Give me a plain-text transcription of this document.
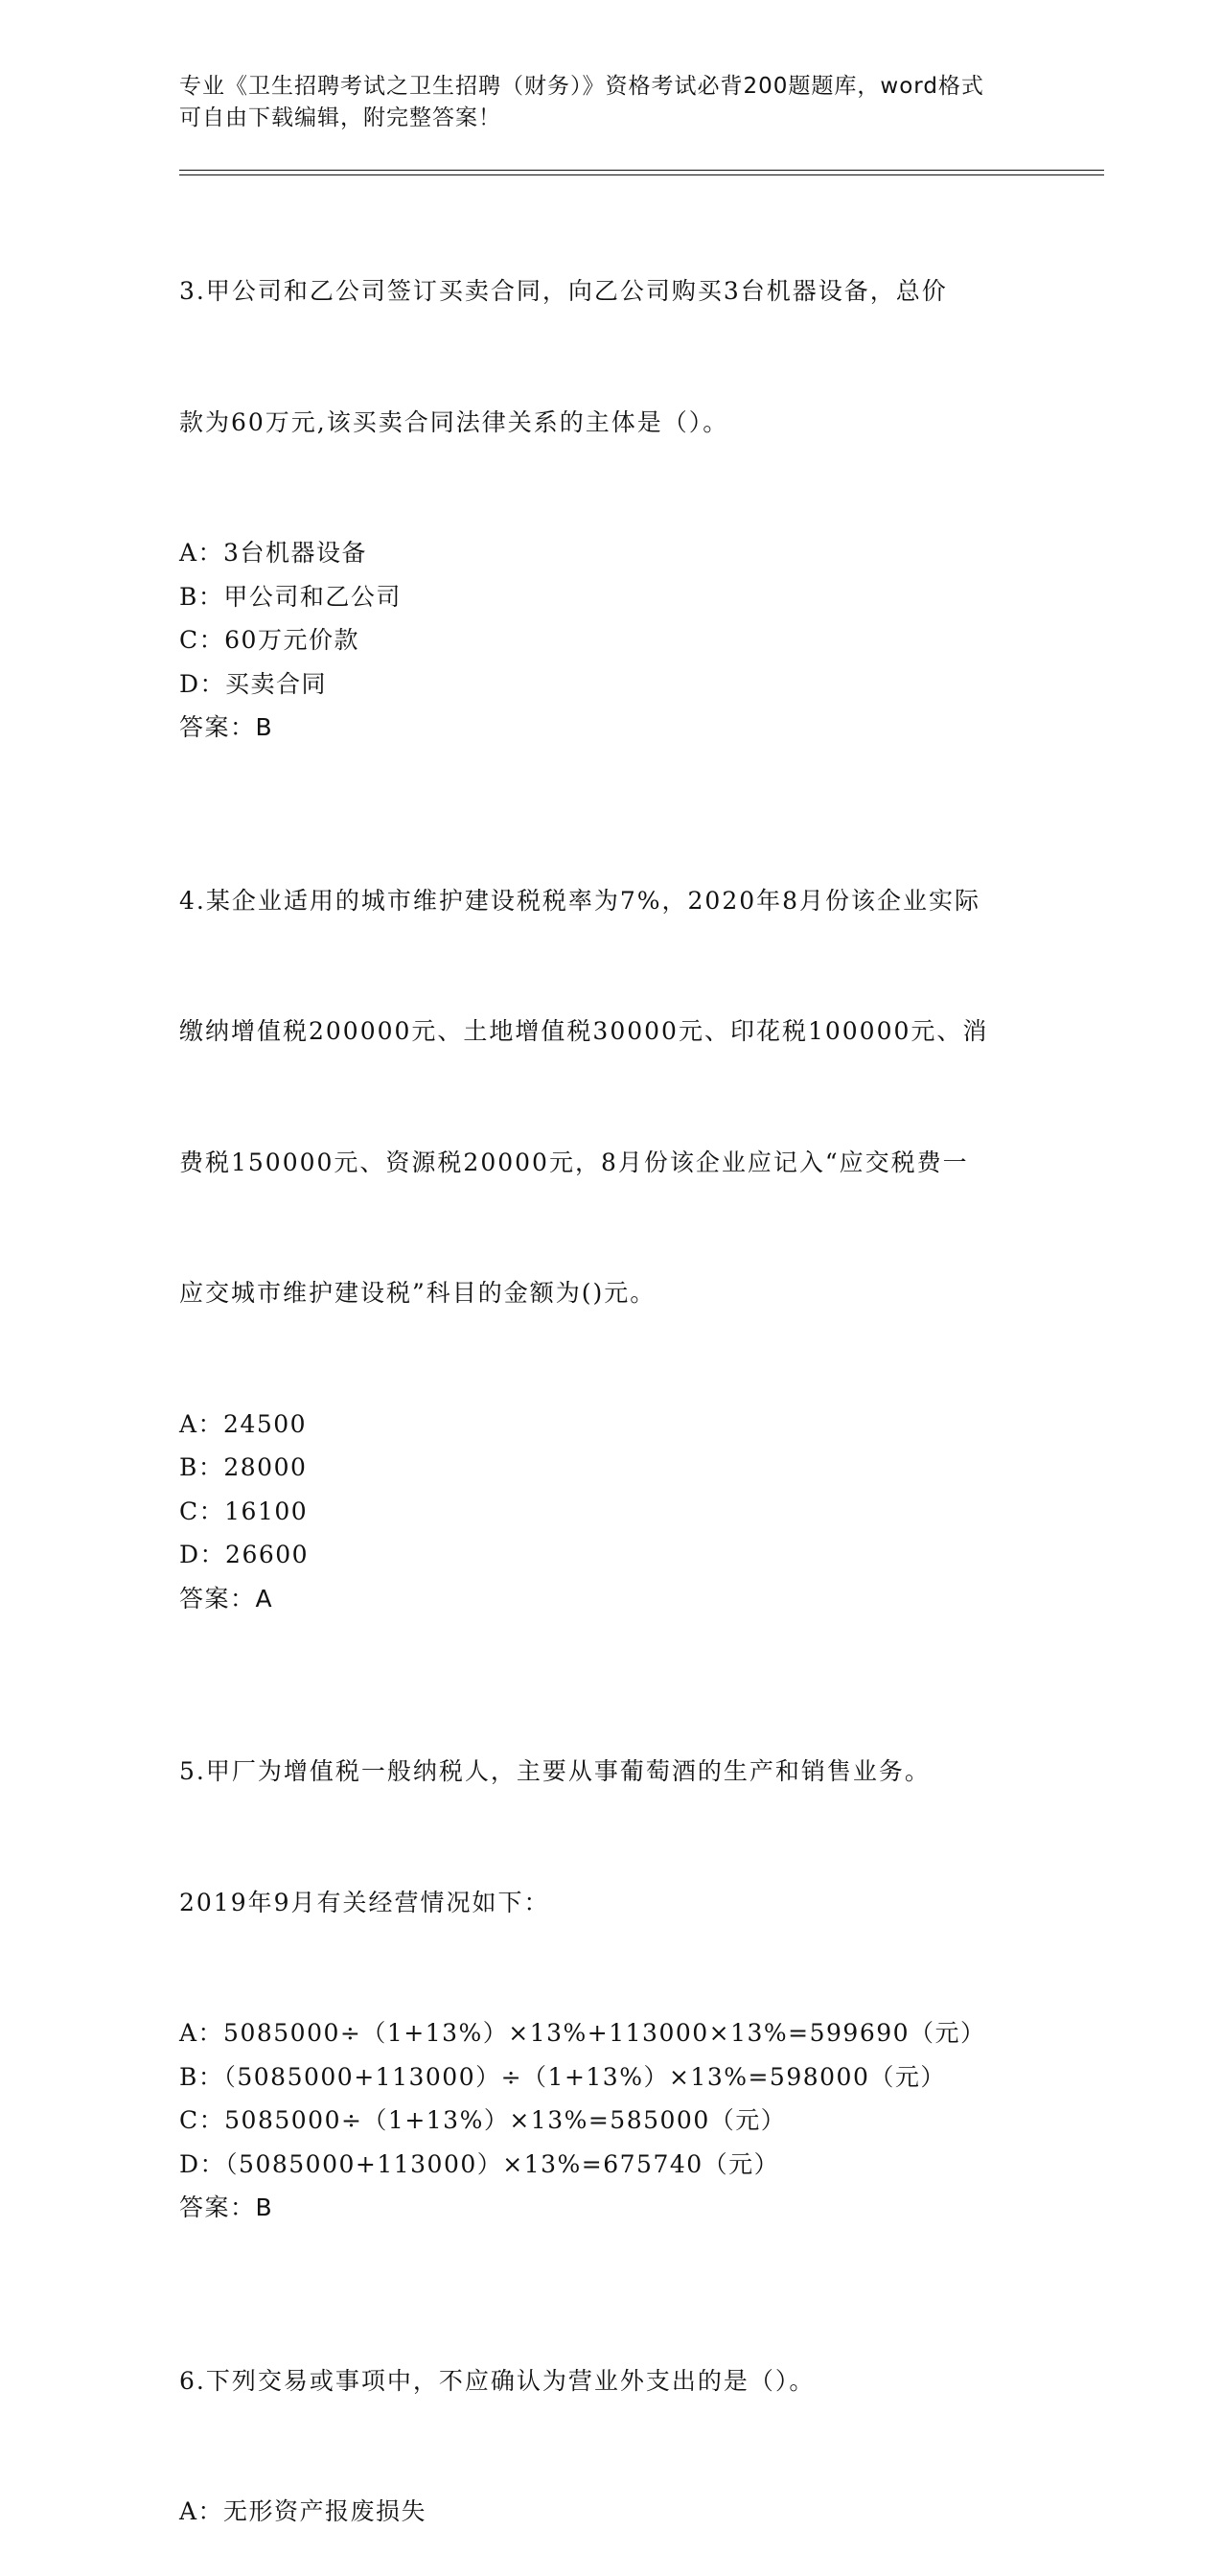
专业《卫生招聘考试之卫生招聘（财务）》资格考试必背200题题库，word格式
可自由下载编辑，附完整答案！

3.甲公司和乙公司签订买卖合同，向乙公司购买3台机器设备，总价

款为60万元,该买卖合同法律关系的主体是（）。

A：3台机器设备
B：甲公司和乙公司
C：60万元价款
D：买卖合同
答案：B

4.某企业适用的城市维护建设税税率为7%，2020年8月份该企业实际

缴纳增值税200000元、土地增值税30000元、印花税100000元、消

费税150000元、资源税20000元，8月份该企业应记入“应交税费一

应交城市维护建设税”科目的金额为()元。

A：24500
B：28000
C：16100
D：26600
答案：A

5.甲厂为增值税一般纳税人，主要从事葡萄酒的生产和销售业务。

2019年9月有关经营情况如下：

A：5085000÷（1+13%）×13%+113000×13%=599690（元）
B：（5085000+113000）÷（1+13%）×13%=598000（元）
C：5085000÷（1+13%）×13%=585000（元）
D：（5085000+113000）×13%=675740（元）
答案：B

6.下列交易或事项中，不应确认为营业外支出的是（）。

A：无形资产报废损失
